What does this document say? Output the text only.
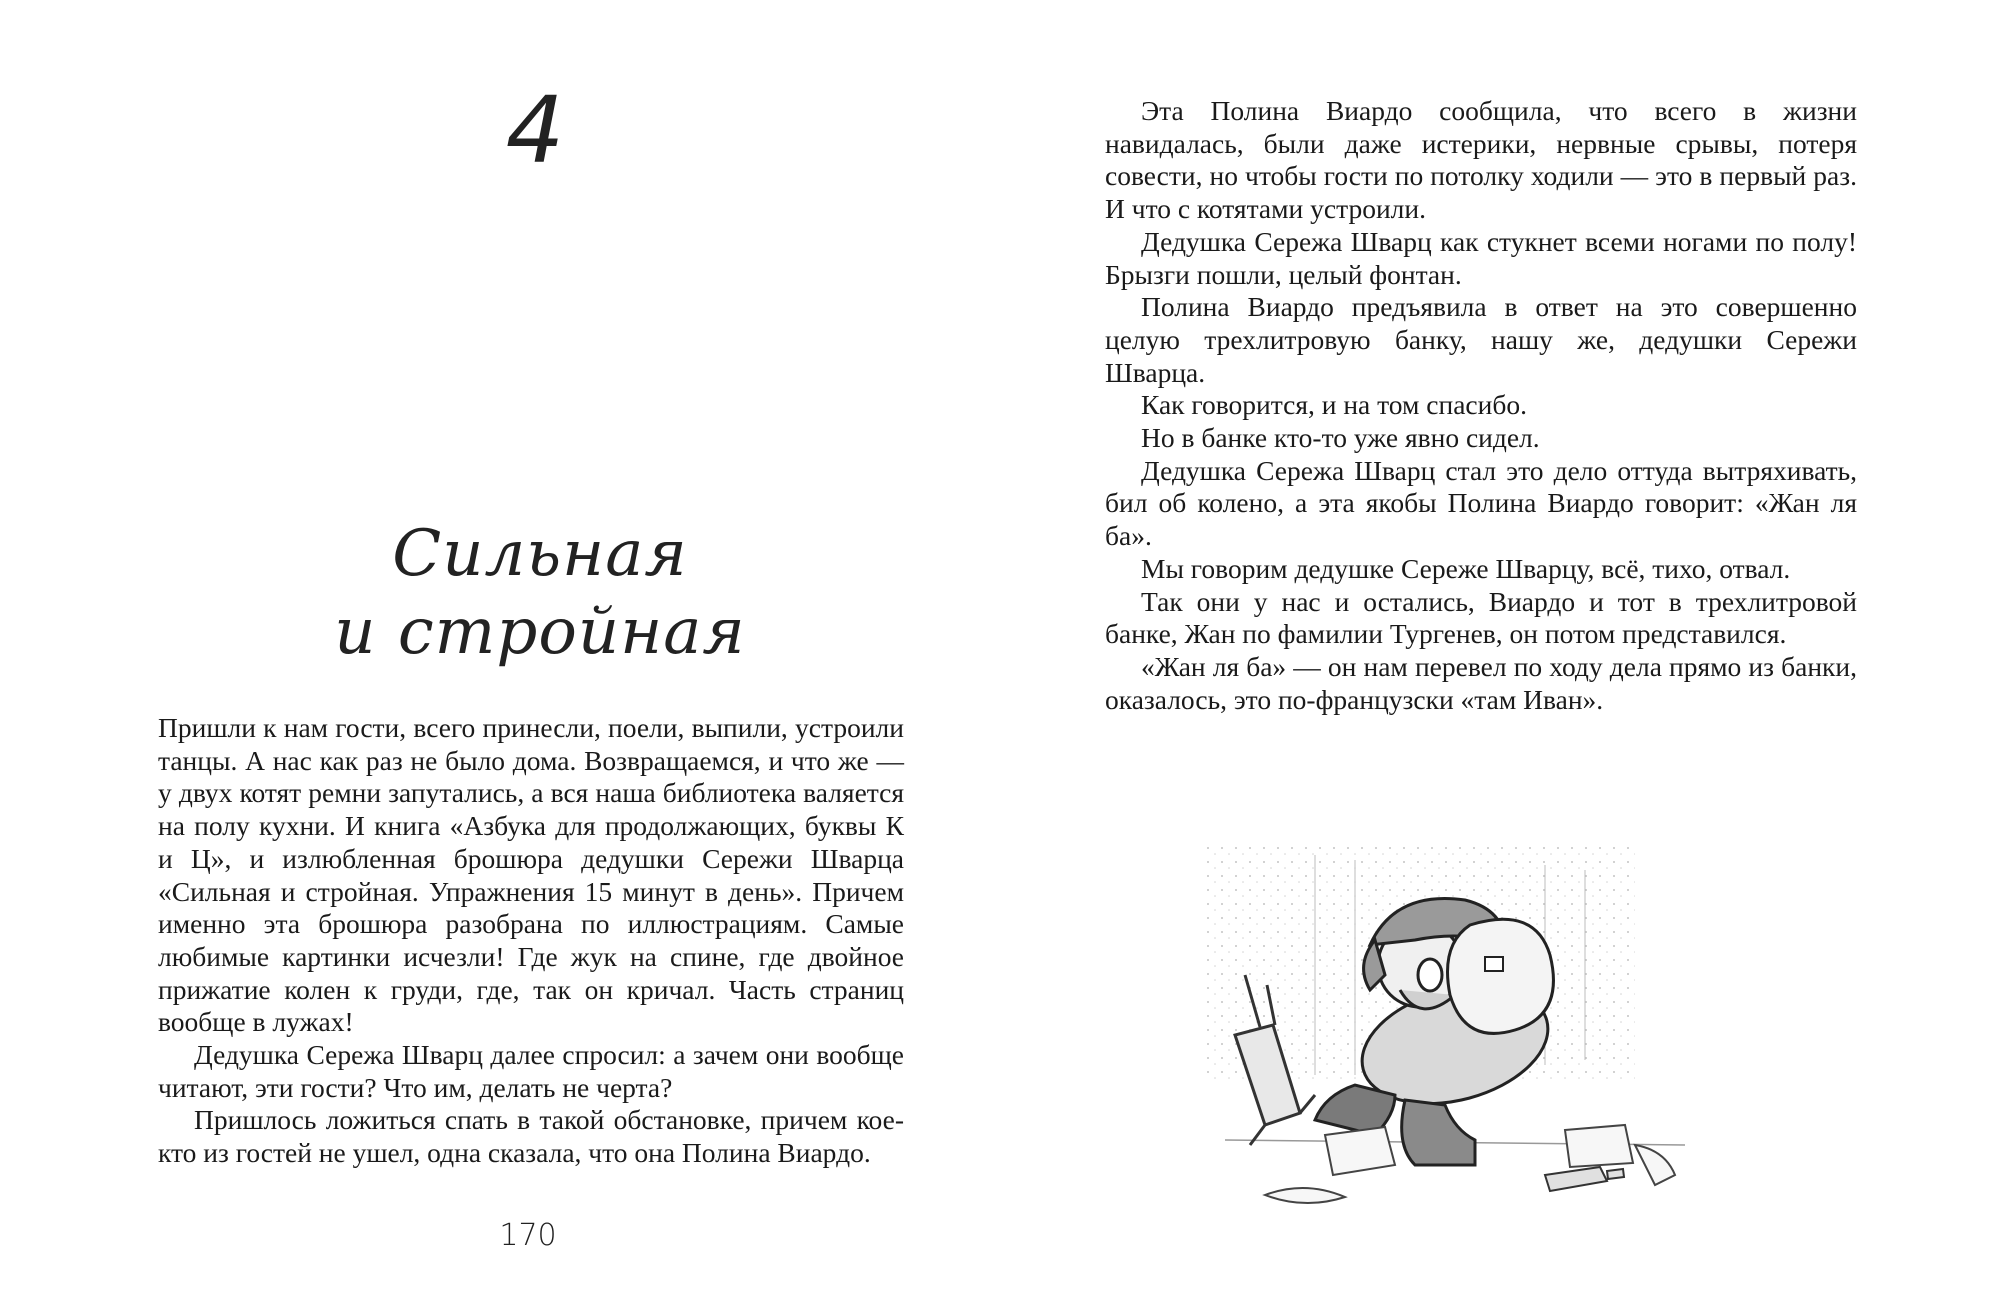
4
Сильная
и стройная

Пришли к нам гости, всего принесли, поели, выпили, устроили танцы. А нас как раз не было дома. Возвращаемся, и что же — у двух котят ремни запутались, а вся наша библиотека валяется на полу кухни. И книга «Азбука для продолжающих, буквы К и Ц», и излюбленная брошюра дедушки Сережи Шварца «Сильная и стройная. Упражнения 15 минут в день». Причем именно эта брошюра разобрана по иллюстрациям. Самые любимые картинки исчезли! Где жук на спине, где двойное прижатие колен к груди, где, так он кричал. Часть страниц вообще в лужах!

Дедушка Сережа Шварц далее спросил: а зачем они вообще читают, эти гости? Что им, делать не черта?

Пришлось ложиться спать в такой обстановке, причем кое-кто из гостей не ушел, одна сказала, что она Полина Виардо.

170

Эта Полина Виардо сообщила, что всего в жизни навидалась, были даже истерики, нервные срывы, потеря совести, но чтобы гости по потолку ходили — это в первый раз. И что с котятами устроили.

Дедушка Сережа Шварц как стукнет всеми ногами по полу! Брызги пошли, целый фонтан.

Полина Виардо предъявила в ответ на это совершенно целую трехлитровую банку, нашу же, дедушки Сережи Шварца.

Как говорится, и на том спасибо.

Но в банке кто-то уже явно сидел.

Дедушка Сережа Шварц стал это дело оттуда вытряхивать, бил об колено, а эта якобы Полина Виардо говорит: «Жан ля ба».

Мы говорим дедушке Сереже Шварцу, всё, тихо, отвал.

Так они у нас и остались, Виардо и тот в трехлитровой банке, Жан по фамилии Тургенев, он потом представился.

«Жан ля ба» — он нам перевел по ходу дела прямо из банки, оказалось, это по-французски «там Иван».
